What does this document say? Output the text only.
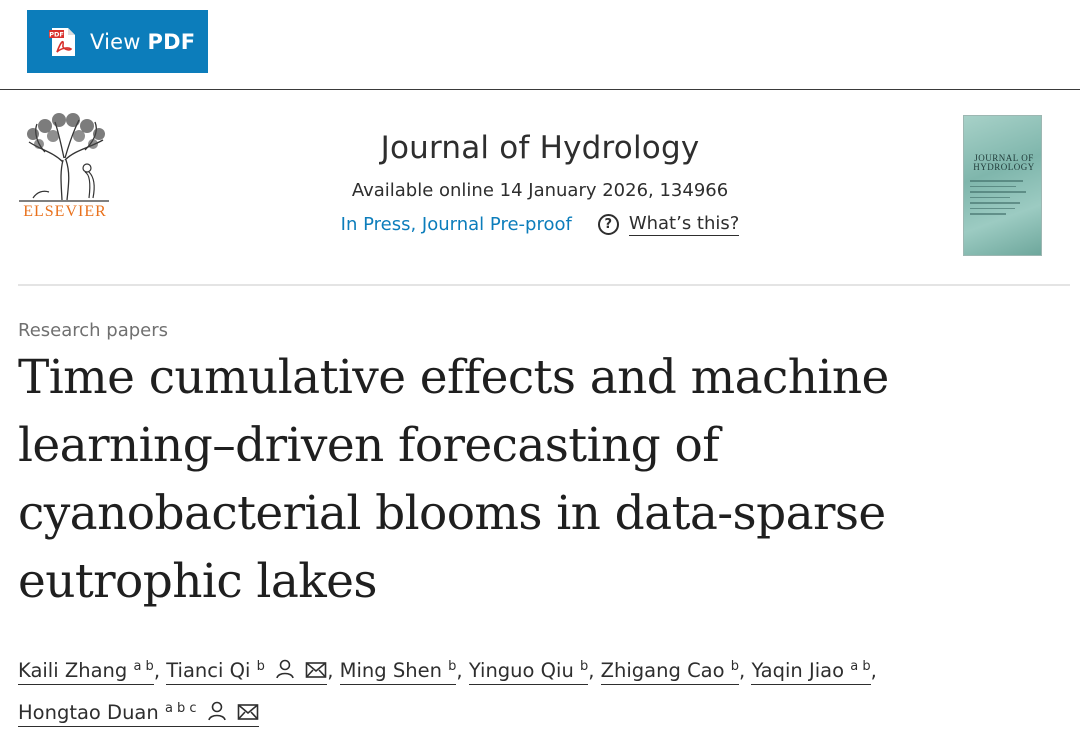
PDF View PDF
ELSEVIER
Journal of Hydrology
Available online 14 January 2026, 134966
In Press, Journal Pre-proof	? What’s this?
JOURNAL OF HYDROLOGY
Research papers
Time cumulative effects and machine learning–driven forecasting of cyanobacterial blooms in data-sparse eutrophic lakes
Kaili Zhang $^{a b}$, Tianci Qi $^b$	, Ming Shen $^b$, Yinguo Qiu $^b$, Zhigang Cao $^b$, Yaqin Jiao $^{a b}$,
Hongtao Duan $^{a b c}$
